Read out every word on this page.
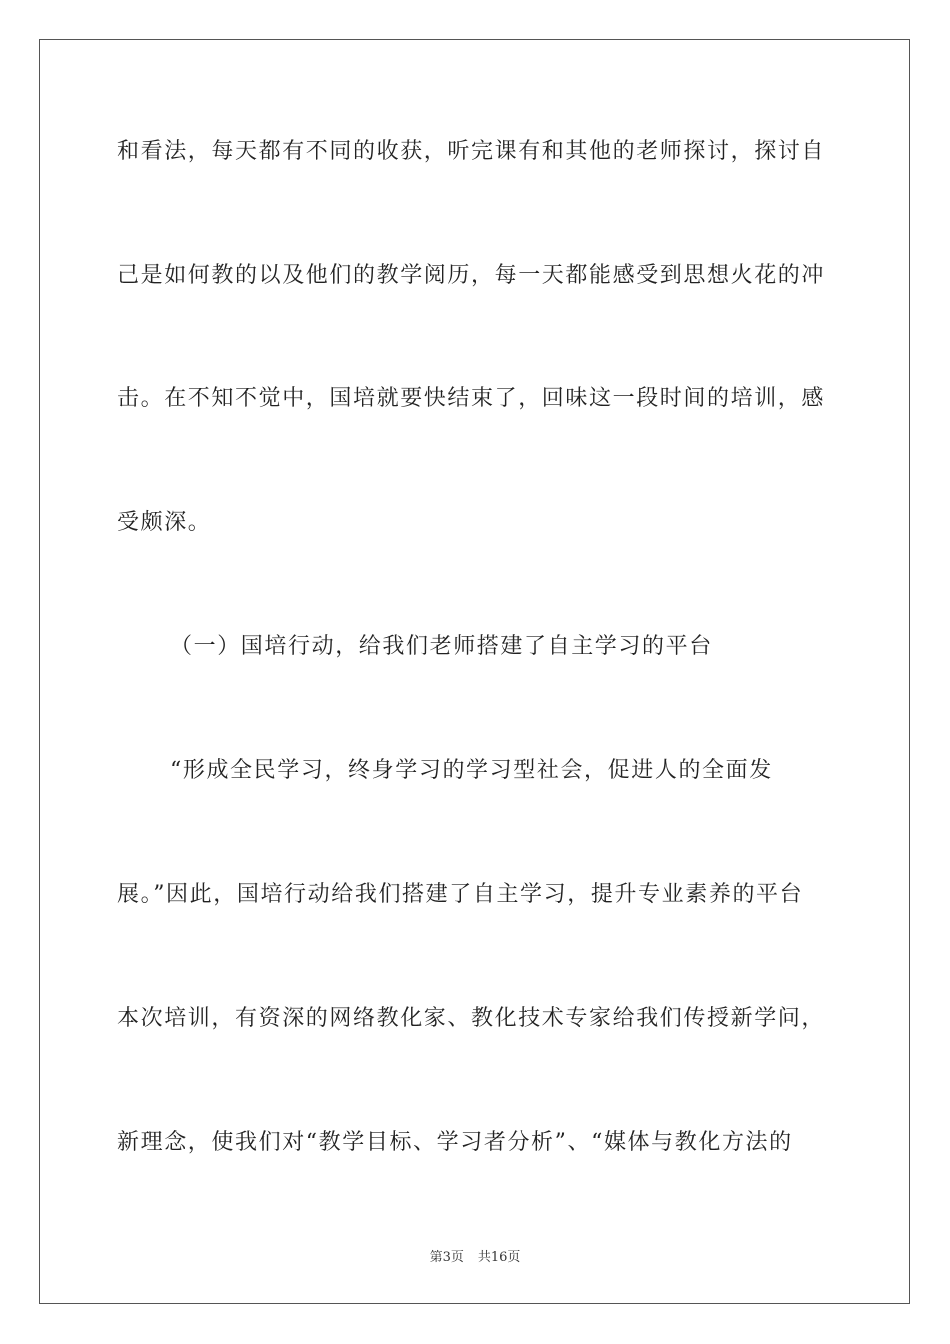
和看法，每天都有不同的收获，听完课有和其他的老师探讨，探讨自
己是如何教的以及他们的教学阅历，每一天都能感受到思想火花的冲
击。在不知不觉中，国培就要快结束了，回味这一段时间的培训，感
受颇深。
（一）国培行动，给我们老师搭建了自主学习的平台
“形成全民学习，终身学习的学习型社会，促进人的全面发
展。”因此，国培行动给我们搭建了自主学习，提升专业素养的平台
本次培训，有资深的网络教化家、教化技术专家给我们传授新学问，
新理念，使我们对“教学目标、学习者分析”、“媒体与教化方法的
第3页 共16页
